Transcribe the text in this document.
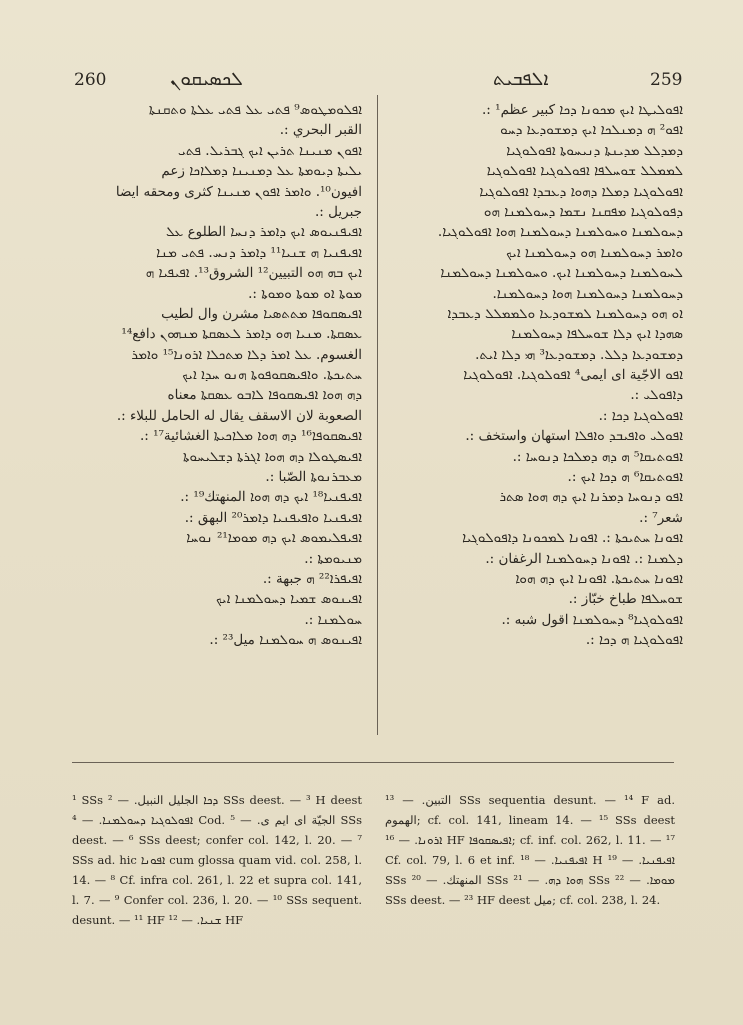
260	ܠܟܣܝܩܘܢ	ܐܠܦܒܝܬ	259
ܐܦܠܘܡܛܘܣ⁹ ܦܬܝ ܥܠ ܦܬܝ ܥܠܬܐ ܘܬܩܢܬܐ
القبر البحري :.
ܐܦܘܢ ܡܢܝܢܐ ܬܪܝܢ ܐܝܟ ܓܒܪܝܠ. ܦܬܝ
ܝܠܝܬܐ ܕܝܘܡܬܐ ܥܠ ܕܡܢܝܢܐ ܕܡܠܐܟܐ زعم
افيون¹⁰. ܘܐܡܪ ܐܦܘܢ ܡܢܝܢܐ كثرى ومحقه ايضا
جبريل :.
ܐܦܝܦܢܝܘܣ ܐܝܟ ܕܐܡܪ ܕܢܚܐ الطلوع ܥܠ
ܐܦܝܦܢܝܐ ܗ ܫܢܝܐ¹¹ ܕܐܡܪ ܕܢܚ. ܦܬܝ ܡܢܐ
ܐܝܟ ܒܗ ܗܘ التبيين¹² الشروق¹³. ܐܦܝܦܝܐ ܗ
ܡܘܬܐ ܐܘ ܡܘܬܐ ܘܡܘܬܐ :.
ܐܦܝܣܩܘܦܐ ܡܬܬܣܝܐ مشرن وال لطيب
ܥܣܩܬܐ. ܡܢܝܐ ܗܘ ܕܐܡܪ ܠܥܣܩܬܐ ܡܢܗܘܢ دافع¹⁴
الغسوم. ܥܠ ܐܡܪ ܕܠܐ ܡܬܟܠܐ ܐܪܘܢܐ¹⁵ ܘܐܡܪ
ܚܬܝܟܬܐ. ܘܐܦܝܣܩܘܦܘܬܐ ܗܢܘ ܚܕܐ ܐܝܟ
ܕܗ ܗܘܐ ܐܦܝܣܩܘܦܐ ܠܐܒܘ ܥܣܩܬܐ معناه
الصعوبة لان الاسقف يقال له الحامل للبلاء :.
ܐܦܝܣܩܘܦܐ¹⁶ ܕܗ ܗܘܐ ܡܠܐܟܝܬܐ الغشائية¹⁷ :.
ܐܦܝܣܛܘܠܐ ܕܗ ܗܘܐ ܐܓܪܬܐ ܕܫܠܝܚܘܬܐ
ܡܥܒܪܢܘܬܐ الصّبا :.
ܐܦܝܦܢܝܐ¹⁸ ܐܝܟ ܕܗ ܗܘܐ المنهتك¹⁹ :.
ܐܦܝܦܢܝܐ ܘܐܦܝܦܢܝܐ ܕܐܡܪ²⁰ البهق :.
ܐܦܝܦܠܝܡܘܣ ܐܝܟ ܕܗ ܡܘܡܐ²¹ ܢܘܚܐ
ܡܢܝܘܡܬܐ :.
ܐܦܝܦܪܐ²² ܗ جبهة :.
ܐܦܝܢܘܣ ܫܡܝܐ ܕܚܘܠܡܢܐ ܐܝܟ
ܚܘܠܡܢܐ :.
ܐܦܝܢܘܣ ܗ ܚܘܠܡܢܐ ميل²³ :.
ܐܦܘܠܝܛܐ ܐܝܟ ܡܟܘܢܐ ܕܟܐ كبير عظم¹ :.
ܐܦܘ² ܗ ܕܡܢܠܟܐ ܐܝܟ ܕܡܫܘܕܥܐ ܕܚܘ
ܕܡܕܠܠ ܡܕܝܢܬܐ ܕܢܝܚܘܬܐ ܐܦܘܠܘܓܝܐ
ܠܡܡܠܠ ܫܘܚܠܦܐ ܐܦܘܠܘܓܝܐ ܐܦܘܠܘܓܝܐ
ܐܦܘܠܘܓܝܐ ܕܡܠܐ ܕܗܘܐ ܕܥܒܕܐ ܐܦܘܠܘܓܝܐ
ܕܦܘܠܘܓܝܐ ܡܦܩܢܐ ܢܫܡܐ ܕܚܘܠܡܢܐ ܗܘ
ܕܚܘܠܡܢܐ ܘܚܘܠܡܢܐ ܕܚܘܠܡܢܐ ܗܘܐ ܐܦܘܠܘܓܝܐ.
ܘܐܡܪ ܕܚܘܠܡܢܐ ܗܘ ܕܚܘܠܡܢܐ ܐܝܟ
ܠܚܘܠܡܢܐ ܕܚܘܠܡܢܐ ܐܝܟ. ܘܚܘܠܡܢܐ ܕܚܘܠܡܢܐ
ܕܚܘܠܡܢܐ ܕܚܘܠܡܢܐ ܗܘܐ ܕܚܘܠܡܢܐ.
ܐܘ ܗܘ ܕܚܘܠܡܢܐ ܠܡܫܘܕܥܐ ܘܠܡܡܠܠ ܕܥܒܕܐ
ܣܗܕܐ ܐܝܟ ܕܠܐ ܫܘܚܠܦܐ ܕܚܘܠܡܢܐ
ܕܡܫܘܕܥܐ ܕܠܠ. ܕܡܫܘܕܥܐ³ ܗܝ ܕܠܐ ܐܝܬ.
ܐܦܘ الاجّية اى ايمى⁴ ܐܦܘܠܘܓܝܐ. ܐܦܘܠܘܓܝܐ
ܕܐܦܘܠܝ :.
ܐܦܘܠܘܓܝܐ ܕܟܐ :.
ܐܦܘܠܝ ܘܐܦܝܒܕ ܘܐܦܠܐ استهان واستخف :.
ܐܦܘܬܝܩܐ⁵ ܗ ܕܗ ܕܡܠܟܐ ܕܢܘܚܐ :.
ܐܦܘܬܝܩܐ⁶ ܗ ܕܟܐ ܐܝܟ :.
ܐܦܘ ܕܢܘܚܐ ܕܡܪܢܐ ܐܝܟ ܕܗ ܗܘܐ ܣܬܪ
شعر⁷ :.
ܐܦܘܢܐ ܚܬܝܟܬܐ :. ܐܦܘܢܐ ܠܡܟܘܢܐ ܕܐܦܘܠܘܓܝܐ
ܕܠܡܢܐ :. ܐܦܘܢܐ ܕܚܘܠܡܢܐ الرغفان :.
ܐܦܘܢܐ ܚܬܝܟܬܐ. ܐܦܘܢܐ ܐܝܟ ܕܗ ܗܘܐ
ܫܘܚܠܦܐ طباخ خبّاز :.
ܐܦܘܠܘܓܝܐ⁸ ܕܚܘܠܡܢܐ اقول شبه :.
ܐܦܘܠܘܓܝܐ ܗ ܕܟܐ :.

¹ SSs ܕܟܐ الجليل النبيل. — ² SSs deest. — ³ H deest ܐܦܘܠܘܓܝܐ ܕܚܘܠܡܢܐ. — ⁴ Cod. الجيّة اى ايم ى. — ⁵ SSs deest. — ⁶ SSs deest; confer col. 142, l. 20. — ⁷ SSs ad. hic ܐܦܘܢܐ cum glossa quam vid. col. 258, l. 14. — ⁸ Cf. infra col. 261, l. 22 et supra col. 141, l. 7. — ⁹ Confer col. 236, l. 20. — ¹⁰ SSs sequent. desunt. — ¹¹ HF ܫܢܝܐ. — ¹² HF

التبين. — ¹³ SSs sequentia desunt. — ¹⁴ F ad. الهموم; cf. col. 141, lineam 14. — ¹⁵ SSs deest ܐܪܘܢܐ. — ¹⁶ HF ܐܦܝܣܩܘܦܐ; cf. inf. col. 262, l. 11. — ¹⁷ Cf. col. 79, l. 6 et inf. ܐܦܝܦܢܝܐ. — ¹⁸ H ܐܦܝܦܢܝܐ. — ¹⁹ SSs المنهتك. — ²⁰ SSs ܗܘܐ ܕܗ. — ²¹ SSs ܡܘܡܐ. — ²² SSs deest. — ²³ HF deest ميل; cf. col. 238, l. 24.
